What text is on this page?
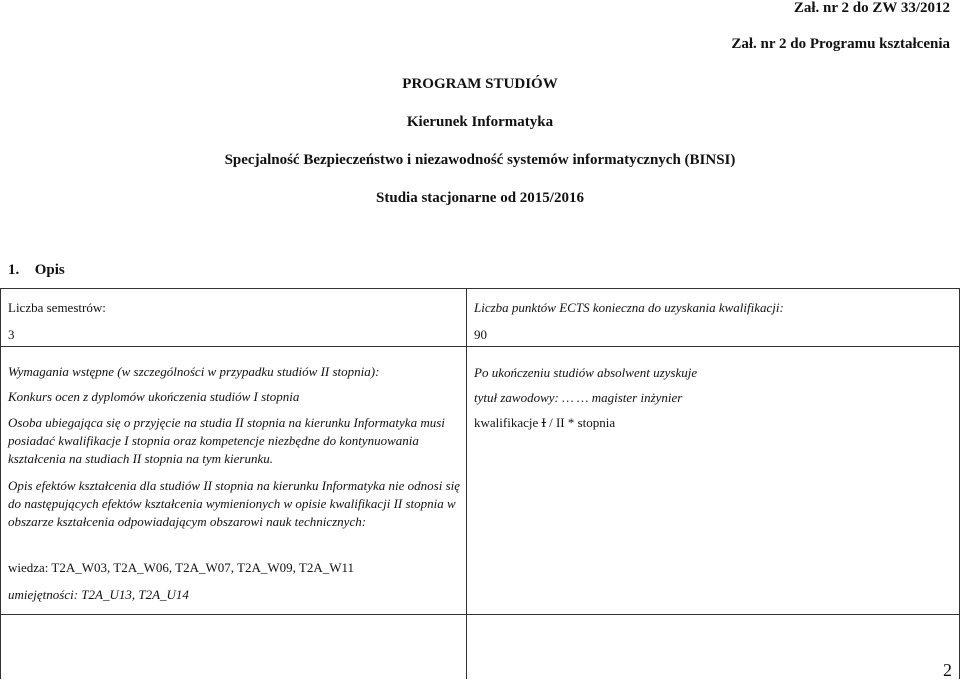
Zał. nr 2 do ZW 33/2012
Zał. nr 2 do Programu kształcenia
PROGRAM STUDIÓW
Kierunek Informatyka
Specjalność Bezpieczeństwo i niezawodność systemów informatycznych (BINSI)
Studia stacjonarne od 2015/2016
1. Opis
Liczba semestrów:
3
Liczba punktów ECTS konieczna do uzyskania kwalifikacji:
90
Wymagania wstępne (w szczególności w przypadku studiów II stopnia):
Konkurs ocen z dyplomów ukończenia studiów I stopnia
Osoba ubiegająca się o przyjęcie na studia II stopnia na kierunku Informatyka musi posiadać kwalifikacje I stopnia oraz kompetencje niezbędne do kontynuowania kształcenia na studiach II stopnia na tym kierunku.
Opis efektów kształcenia dla studiów II stopnia na kierunku Informatyka nie odnosi się do następujących efektów kształcenia wymienionych w opisie kwalifikacji II stopnia w obszarze kształcenia odpowiadającym obszarowi nauk technicznych:
wiedza: T2A_W03, T2A_W06, T2A_W07, T2A_W09, T2A_W11
umiejętności: T2A_U13, T2A_U14
Po ukończeniu studiów absolwent uzyskuje
tytuł zawodowy: … … magister inżynier
kwalifikacje I / II * stopnia
2
